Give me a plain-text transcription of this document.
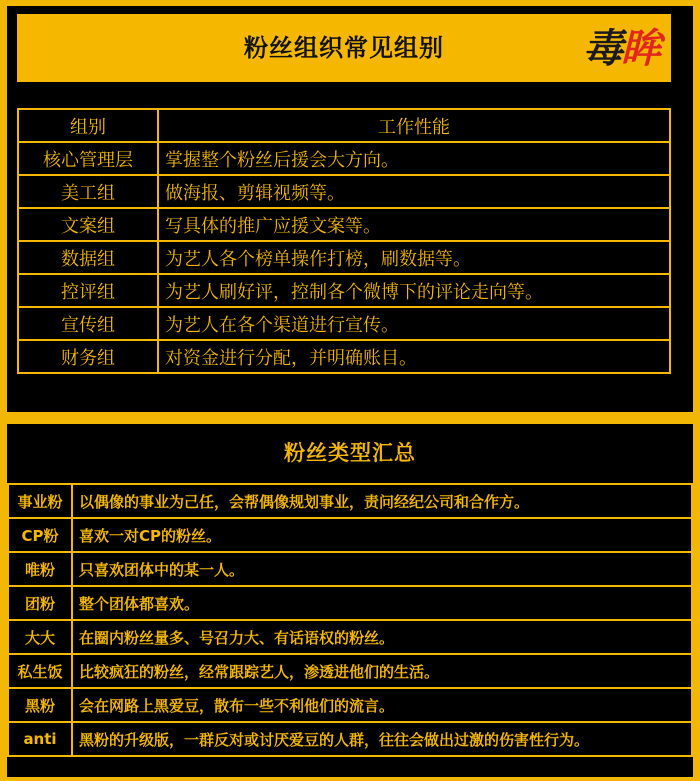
粉丝组织常见组别	毒眸
组别	工作性能
核心管理层	掌握整个粉丝后援会大方向。
美工组	做海报、剪辑视频等。
文案组	写具体的推广应援文案等。
数据组	为艺人各个榜单操作打榜，刷数据等。
控评组	为艺人刷好评，控制各个微博下的评论走向等。
宣传组	为艺人在各个渠道进行宣传。
财务组	对资金进行分配，并明确账目。
粉丝类型汇总
事业粉	以偶像的事业为己任，会帮偶像规划事业，责问经纪公司和合作方。
CP粉	喜欢一对CP的粉丝。
唯粉	只喜欢团体中的某一人。
团粉	整个团体都喜欢。
大大	在圈内粉丝量多、号召力大、有话语权的粉丝。
私生饭	比较疯狂的粉丝，经常跟踪艺人，渗透进他们的生活。
黑粉	会在网路上黑爱豆，散布一些不利他们的流言。
anti	黑粉的升级版，一群反对或讨厌爱豆的人群，往往会做出过激的伤害性行为。
